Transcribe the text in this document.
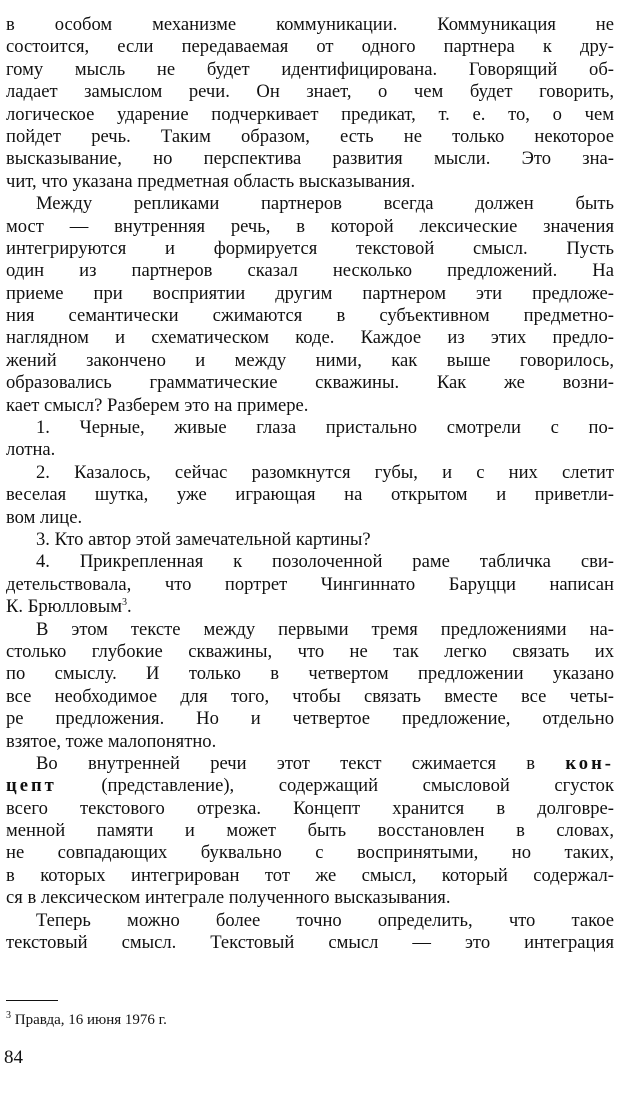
в особом механизме коммуникации. Коммуникация не
состоится, если передаваемая от одного партнера к дру-
гому мысль не будет идентифицирована. Говорящий об-
ладает замыслом речи. Он знает, о чем будет говорить,
логическое ударение подчеркивает предикат, т. е. то, о чем
пойдет речь. Таким образом, есть не только некоторое
высказывание, но перспектива развития мысли. Это зна-
чит, что указана предметная область высказывания.
Между репликами партнеров всегда должен быть
мост — внутренняя речь, в которой лексические значения
интегрируются и формируется текстовой смысл. Пусть
один из партнеров сказал несколько предложений. На
приеме при восприятии другим партнером эти предложе-
ния семантически сжимаются в субъективном предметно-
наглядном и схематическом коде. Каждое из этих предло-
жений закончено и между ними, как выше говорилось,
образовались грамматические скважины. Как же возни-
кает смысл? Разберем это на примере.
1. Черные, живые глаза пристально смотрели с по-
лотна.
2. Казалось, сейчас разомкнутся губы, и с них слетит
веселая шутка, уже играющая на открытом и приветли-
вом лице.
3. Кто автор этой замечательной картины?
4. Прикрепленная к позолоченной раме табличка сви-
детельствовала, что портрет Чингиннато Баруцци написан
К. Брюлловым$^3$.
В этом тексте между первыми тремя предложениями на-
столько глубокие скважины, что не так легко связать их
по смыслу. И только в четвертом предложении указано
все необходимое для того, чтобы связать вместе все четы-
ре предложения. Но и четвертое предложение, отдельно
взятое, тоже малопонятно.
Во внутренней речи этот текст сжимается в кон-
цепт (представление), содержащий смысловой сгусток
всего текстового отрезка. Концепт хранится в долговре-
менной памяти и может быть восстановлен в словах,
не совпадающих буквально с воспринятыми, но таких,
в которых интегрирован тот же смысл, который содержал-
ся в лексическом интеграле полученного высказывания.
Теперь можно более точно определить, что такое
текстовый смысл. Текстовый смысл — это интеграция
$^3$ Правда, 16 июня 1976 г.
84
